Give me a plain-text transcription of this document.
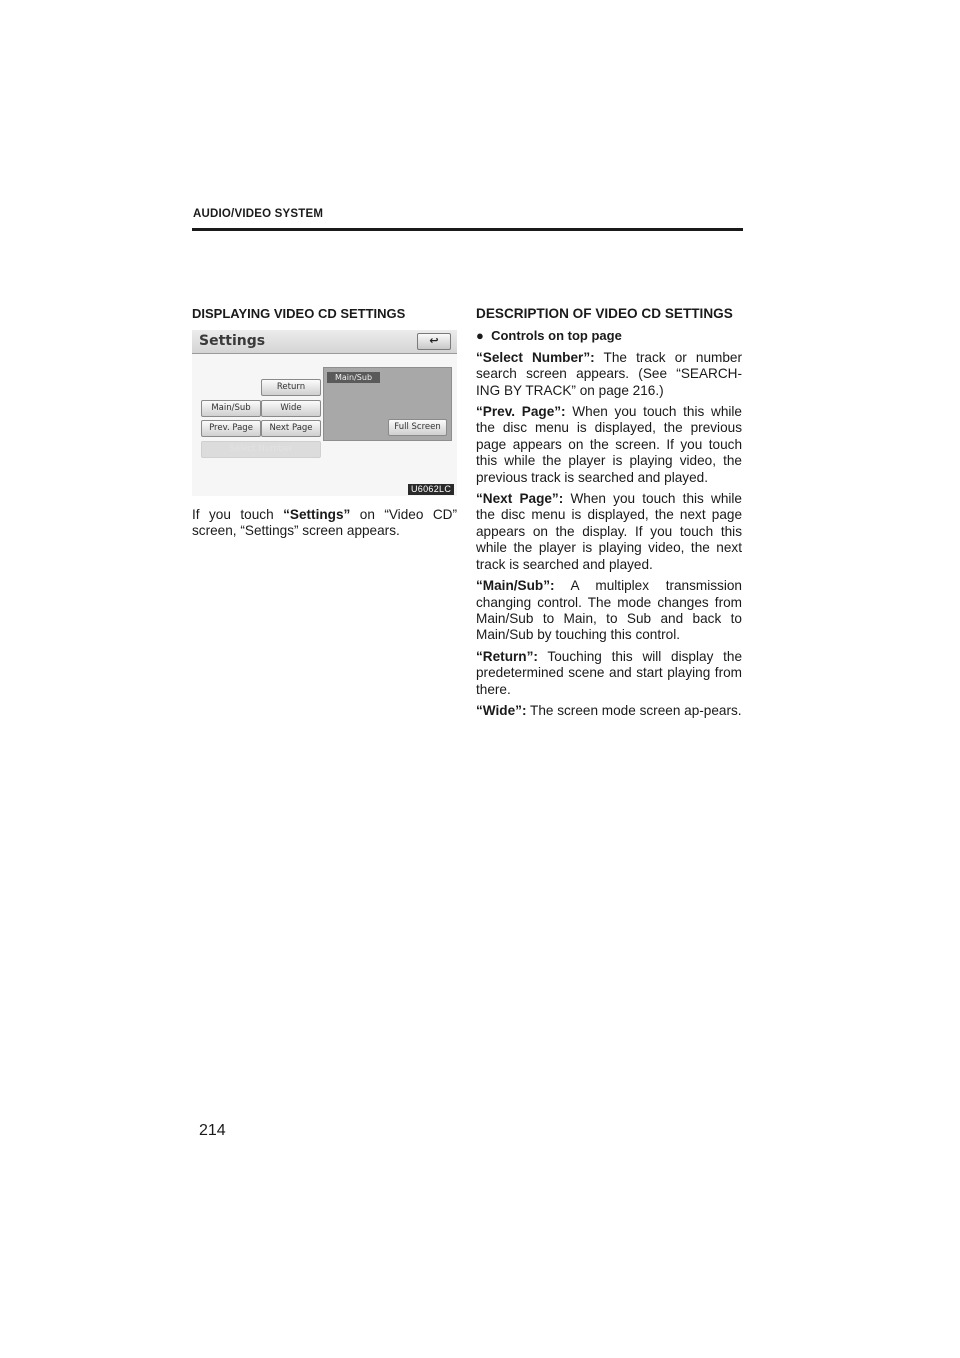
AUDIO/VIDEO SYSTEM
DISPLAYING VIDEO CD SETTINGS
Settings	↩
Return
Main/Sub	Wide
Prev. Page	Next Page
Select Number
Main/Sub
Full Screen
U6062LC
If you touch “Settings” on “Video CD” screen, “Settings” screen appears.

DESCRIPTION OF VIDEO CD SETTINGS

● Controls on top page

“Select Number”: The track or number search screen appears. (See “SEARCH-ING BY TRACK” on page 216.)

“Prev. Page”: When you touch this while the disc menu is displayed, the previous page appears on the screen. If you touch this while the player is playing video, the previous track is searched and played.

“Next Page”: When you touch this while the disc menu is displayed, the next page appears on the display. If you touch this while the player is playing video, the next track is searched and played.

“Main/Sub”: A multiplex transmission changing control. The mode changes from Main/Sub to Main, to Sub and back to Main/Sub by touching this control.

“Return”: Touching this will display the predetermined scene and start playing from there.

“Wide”: The screen mode screen ap-pears.

214
